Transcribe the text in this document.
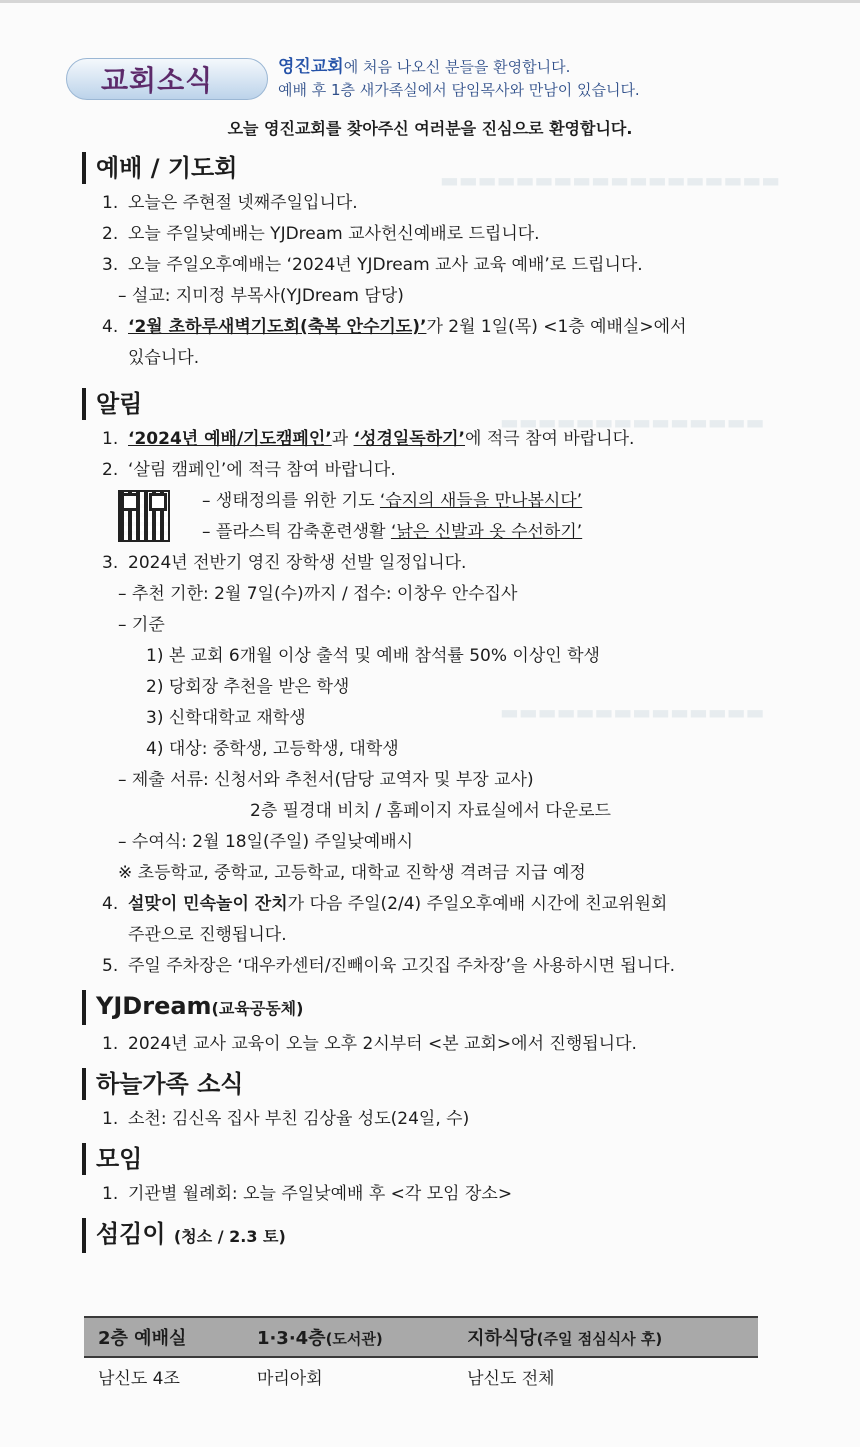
▬▬▬▬▬▬▬▬▬▬▬▬▬▬▬▬▬▬
▬▬▬▬▬▬▬▬▬▬▬▬▬▬
▬▬▬▬▬▬▬▬▬▬▬▬▬▬
교회소식	영진교회에 처음 나오신 분들을 환영합니다.
예배 후 1층 새가족실에서 담임목사와 만남이 있습니다.
오늘 영진교회를 찾아주신 여러분을 진심으로 환영합니다.
예배 / 기도회
1. 오늘은 주현절 넷째주일입니다.
2. 오늘 주일낮예배는 YJDream 교사헌신예배로 드립니다.
3. 오늘 주일오후예배는 ‘2024년 YJDream 교사 교육 예배’로 드립니다.
– 설교: 지미정 부목사(YJDream 담당)
4. ‘2월 초하루새벽기도회(축복 안수기도)’가 2월 1일(목) <1층 예배실>에서
있습니다.
알림
1. ‘2024년 예배/기도캠페인’과 ‘성경일독하기’에 적극 참여 바랍니다.
2. ‘살림 캠페인’에 적극 참여 바랍니다.
– 생태정의를 위한 기도 ‘습지의 새들을 만나봅시다’
– 플라스틱 감축훈련생활 ‘낡은 신발과 옷 수선하기’
3. 2024년 전반기 영진 장학생 선발 일정입니다.
– 추천 기한: 2월 7일(수)까지 / 접수: 이창우 안수집사
– 기준
1) 본 교회 6개월 이상 출석 및 예배 참석률 50% 이상인 학생
2) 당회장 추천을 받은 학생
3) 신학대학교 재학생
4) 대상: 중학생, 고등학생, 대학생
– 제출 서류: 신청서와 추천서(담당 교역자 및 부장 교사)
2층 필경대 비치 / 홈페이지 자료실에서 다운로드
– 수여식: 2월 18일(주일) 주일낮예배시
※ 초등학교, 중학교, 고등학교, 대학교 진학생 격려금 지급 예정
4. 설맞이 민속놀이 잔치가 다음 주일(2/4) 주일오후예배 시간에 친교위원회
주관으로 진행됩니다.
5. 주일 주차장은 ‘대우카센터/진빼이육 고깃집 주차장’을 사용하시면 됩니다.
YJDream(교육공동체)
1. 2024년 교사 교육이 오늘 오후 2시부터 <본 교회>에서 진행됩니다.
하늘가족 소식
1. 소천: 김신옥 집사 부친 김상율 성도(24일, 수)
모임
1. 기관별 월례회: 오늘 주일낮예배 후 <각 모임 장소>
섬김이 (청소 / 2.3 토)
2층 예배실	1·3·4층(도서관)	지하식당(주일 점심식사 후)
남신도 4조	마리아회	남신도 전체
